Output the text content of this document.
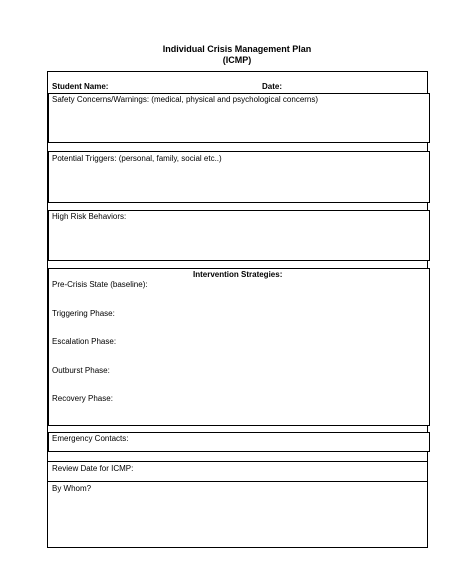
Individual Crisis Management Plan
(ICMP)
Student Name:	Date:
Safety Concerns/Warnings: (medical, physical and psychological concerns)
Potential Triggers: (personal, family, social etc..)
High Risk Behaviors:
Intervention Strategies:
Pre-Crisis State (baseline):
Triggering Phase:
Escalation Phase:
Outburst Phase:
Recovery Phase:
Emergency Contacts:
Review Date for ICMP:
By Whom?
